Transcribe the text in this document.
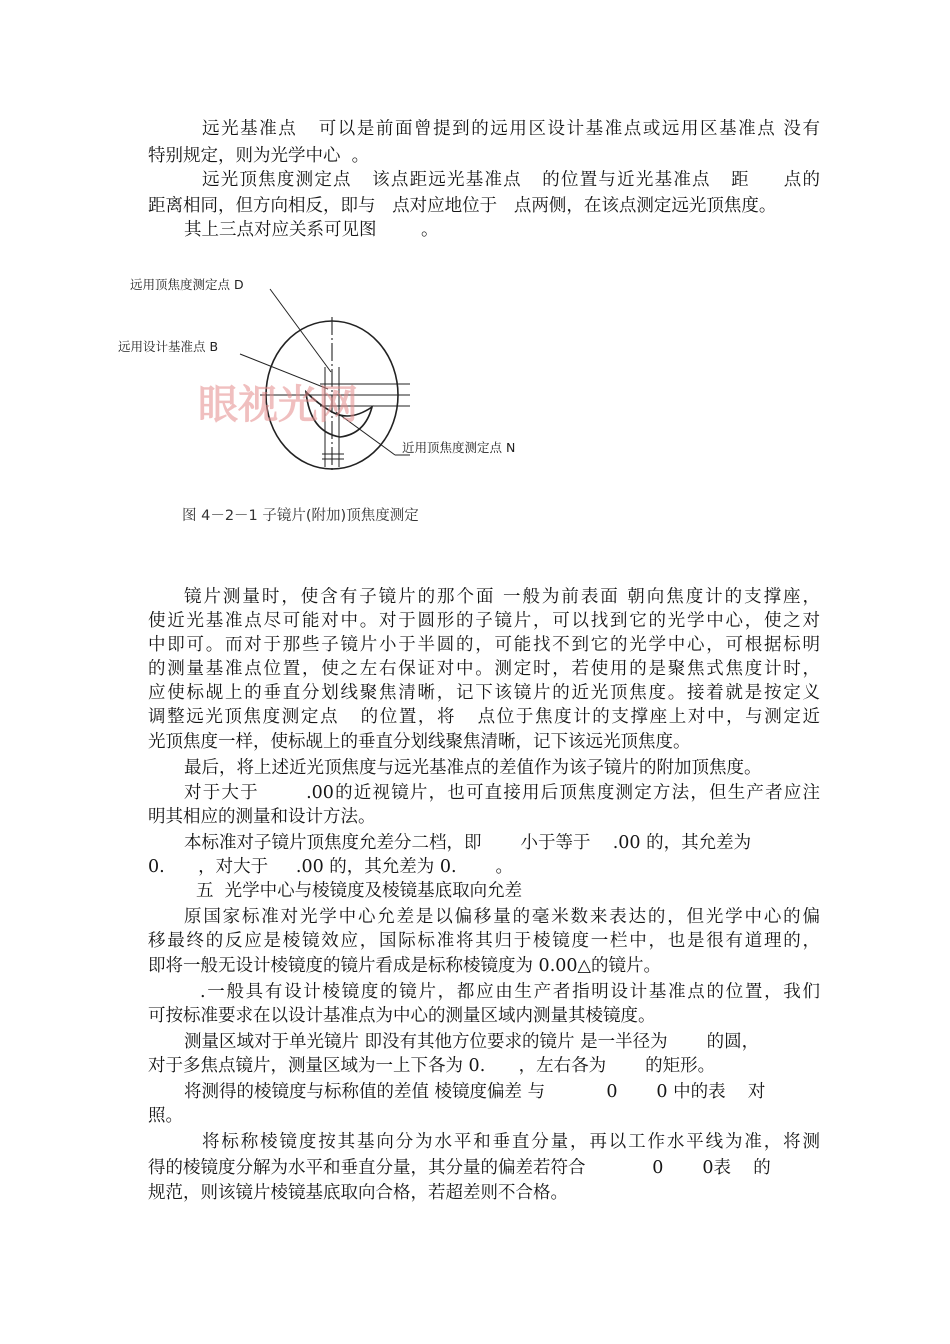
远光基准点   可以是前面曾提到的远用区设计基准点或远用区基准点 没有
特别规定，则为光学中心  。
远光顶焦度测定点   该点距远光基准点   的位置与近光基准点   距     点的
距离相同，但方向相反，即与   点对应地位于   点两侧，在该点测定远光顶焦度。
其上三点对应关系可见图        。
远用顶焦度测定点 D
远用设计基准点 B
近用顶焦度测定点 N
眼视光网
图 4－2－1 子镜片(附加)顶焦度测定
镜片测量时，使含有子镜片的那个面 一般为前表面 朝向焦度计的支撑座，
使近光基准点尽可能对中。对于圆形的子镜片，可以找到它的光学中心，使之对
中即可。而对于那些子镜片小于半圆的，可能找不到它的光学中心，可根据标明
的测量基准点位置，使之左右保证对中。测定时，若使用的是聚焦式焦度计时，
应使标觇上的垂直分划线聚焦清晰，记下该镜片的近光顶焦度。接着就是按定义
调整远光顶焦度测定点   的位置，将   点位于焦度计的支撑座上对中，与测定近
光顶焦度一样，使标觇上的垂直分划线聚焦清晰，记下该远光顶焦度。
最后，将上述近光顶焦度与远光基准点的差值作为该子镜片的附加顶焦度。
对于大于       .00的近视镜片，也可直接用后顶焦度测定方法，但生产者应注
明其相应的测量和设计方法。
本标准对子镜片顶焦度允差分二档，即       小于等于    .00 的，其允差为
0.      ，对大于     .00 的，其允差为 0.       。
五  光学中心与棱镜度及棱镜基底取向允差
原国家标准对光学中心允差是以偏移量的毫米数来表达的，但光学中心的偏
移最终的反应是棱镜效应，国际标准将其归于棱镜度一栏中，也是很有道理的，
即将一般无设计棱镜度的镜片看成是标称棱镜度为 0.00△的镜片。
.一般具有设计棱镜度的镜片，都应由生产者指明设计基准点的位置，我们
可按标准要求在以设计基准点为中心的测量区域内测量其棱镜度。
测量区域对于单光镜片 即没有其他方位要求的镜片 是一半径为       的圆，
对于多焦点镜片，测量区域为一上下各为 0.      ，左右各为       的矩形。
将测得的棱镜度与标称值的差值 棱镜度偏差 与           0       0 中的表    对
照。
将标称棱镜度按其基向分为水平和垂直分量，再以工作水平线为准，将测
得的棱镜度分解为水平和垂直分量，其分量的偏差若符合            0       0表    的
规范，则该镜片棱镜基底取向合格，若超差则不合格。
